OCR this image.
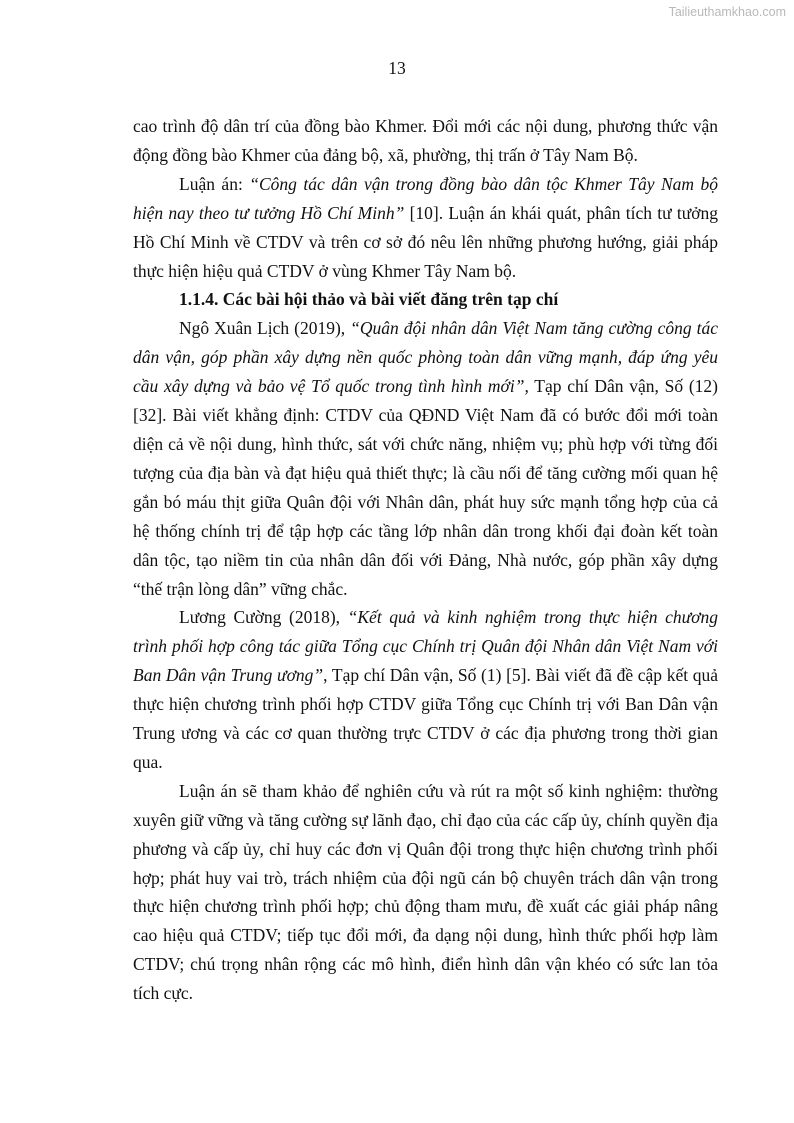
Tailieuthamkhao.com
13

cao trình độ dân trí của đồng bào Khmer. Đổi mới các nội dung, phương thức vận động đồng bào Khmer của đảng bộ, xã, phường, thị trấn ở Tây Nam Bộ.

Luận án: “Công tác dân vận trong đồng bào dân tộc Khmer Tây Nam bộ hiện nay theo tư tưởng Hồ Chí Minh” [10]. Luận án khái quát, phân tích tư tưởng Hồ Chí Minh về CTDV và trên cơ sở đó nêu lên những phương hướng, giải pháp thực hiện hiệu quả CTDV ở vùng Khmer Tây Nam bộ.

1.1.4. Các bài hội thảo và bài viết đăng trên tạp chí

Ngô Xuân Lịch (2019), “Quân đội nhân dân Việt Nam tăng cường công tác dân vận, góp phần xây dựng nền quốc phòng toàn dân vững mạnh, đáp ứng yêu cầu xây dựng và bảo vệ Tổ quốc trong tình hình mới”, Tạp chí Dân vận, Số (12) [32]. Bài viết khẳng định: CTDV của QĐND Việt Nam đã có bước đổi mới toàn diện cả về nội dung, hình thức, sát với chức năng, nhiệm vụ; phù hợp với từng đối tượng của địa bàn và đạt hiệu quả thiết thực; là cầu nối để tăng cường mối quan hệ gắn bó máu thịt giữa Quân đội với Nhân dân, phát huy sức mạnh tổng hợp của cả hệ thống chính trị để tập hợp các tầng lớp nhân dân trong khối đại đoàn kết toàn dân tộc, tạo niềm tin của nhân dân đối với Đảng, Nhà nước, góp phần xây dựng “thế trận lòng dân” vững chắc.

Lương Cường (2018), “Kết quả và kinh nghiệm trong thực hiện chương trình phối hợp công tác giữa Tổng cục Chính trị Quân đội Nhân dân Việt Nam với Ban Dân vận Trung ương”, Tạp chí Dân vận, Số (1) [5]. Bài viết đã đề cập kết quả thực hiện chương trình phối hợp CTDV giữa Tổng cục Chính trị với Ban Dân vận Trung ương và các cơ quan thường trực CTDV ở các địa phương trong thời gian qua.

Luận án sẽ tham khảo để nghiên cứu và rút ra một số kinh nghiệm: thường xuyên giữ vững và tăng cường sự lãnh đạo, chỉ đạo của các cấp ủy, chính quyền địa phương và cấp ủy, chỉ huy các đơn vị Quân đội trong thực hiện chương trình phối hợp; phát huy vai trò, trách nhiệm của đội ngũ cán bộ chuyên trách dân vận trong thực hiện chương trình phối hợp; chủ động tham mưu, đề xuất các giải pháp nâng cao hiệu quả CTDV; tiếp tục đổi mới, đa dạng nội dung, hình thức phối hợp làm CTDV; chú trọng nhân rộng các mô hình, điển hình dân vận khéo có sức lan tỏa tích cực.
